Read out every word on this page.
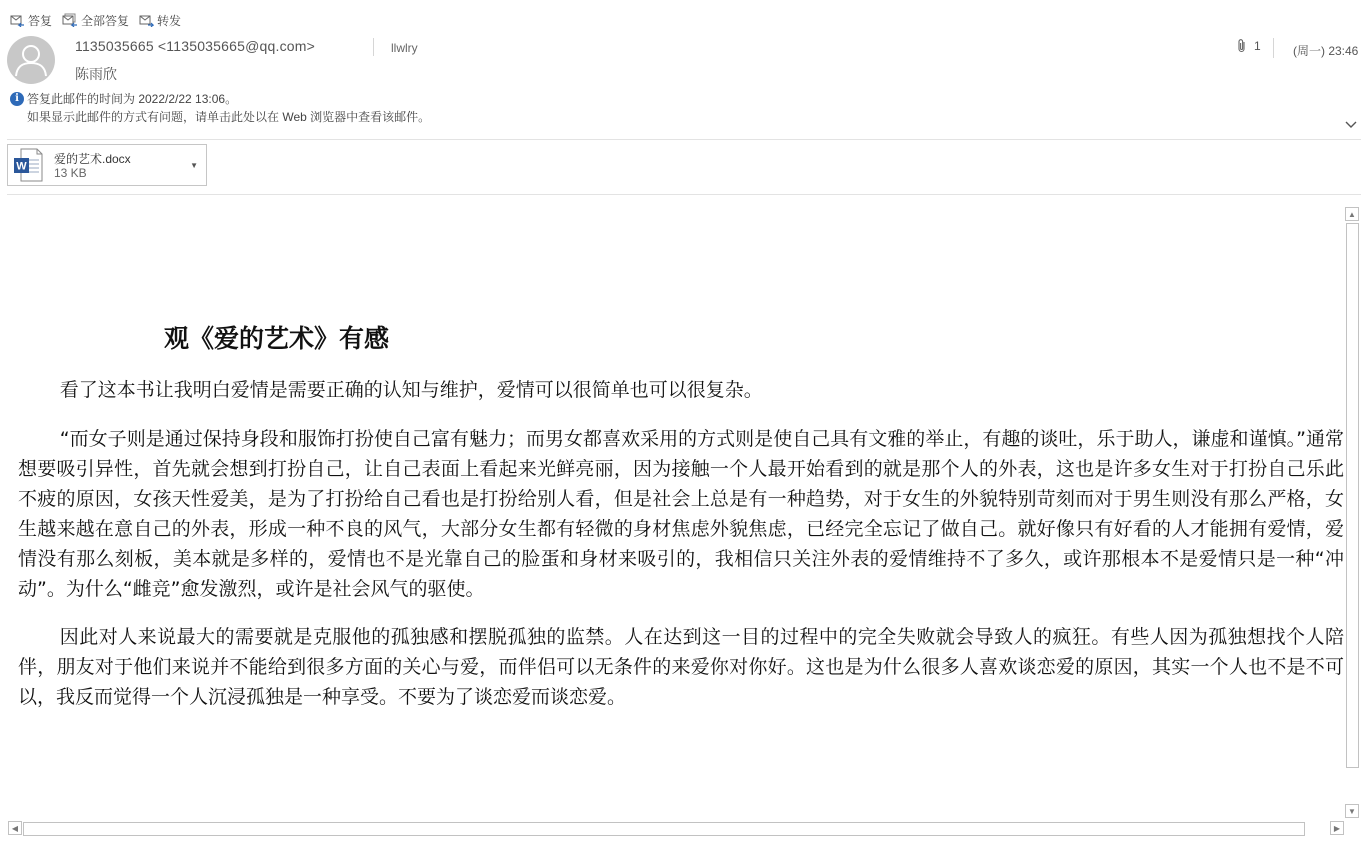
答复 全部答复 转发
1135035665 <1135035665@qq.com>	llwlry
陈雨欣
1	(周一) 23:46
i 答复此邮件的时间为 2022/2/22 13:06。
如果显示此邮件的方式有问题，请单击此处以在 Web 浏览器中查看该邮件。
W
爱的艺术.docx
13 KB
▼
观《爱的艺术》有感

看了这本书让我明白爱情是需要正确的认知与维护，爱情可以很简单也可以很复杂。

“而女子则是通过保持身段和服饰打扮使自己富有魅力；而男女都喜欢采用的方式则是使自己具有文雅的举止，有趣的谈吐，乐于助人，谦虚和谨慎。”通常想要吸引异性，首先就会想到打扮自己，让自己表面上看起来光鲜亮丽，因为接触一个人最开始看到的就是那个人的外表，这也是许多女生对于打扮自己乐此不疲的原因，女孩天性爱美，是为了打扮给自己看也是打扮给别人看，但是社会上总是有一种趋势，对于女生的外貌特别苛刻而对于男生则没有那么严格，女生越来越在意自己的外表，形成一种不良的风气，大部分女生都有轻微的身材焦虑外貌焦虑，已经完全忘记了做自己。就好像只有好看的人才能拥有爱情，爱情没有那么刻板，美本就是多样的，爱情也不是光靠自己的脸蛋和身材来吸引的，我相信只关注外表的爱情维持不了多久，或许那根本不是爱情只是一种“冲动”。为什么“雌竞”愈发激烈，或许是社会风气的驱使。

因此对人来说最大的需要就是克服他的孤独感和摆脱孤独的监禁。人在达到这一目的过程中的完全失败就会导致人的疯狂。有些人因为孤独想找个人陪伴，朋友对于他们来说并不能给到很多方面的关心与爱，而伴侣可以无条件的来爱你对你好。这也是为什么很多人喜欢谈恋爱的原因，其实一个人也不是不可以，我反而觉得一个人沉浸孤独是一种享受。不要为了谈恋爱而谈恋爱。

▲
▼
◀	▶
